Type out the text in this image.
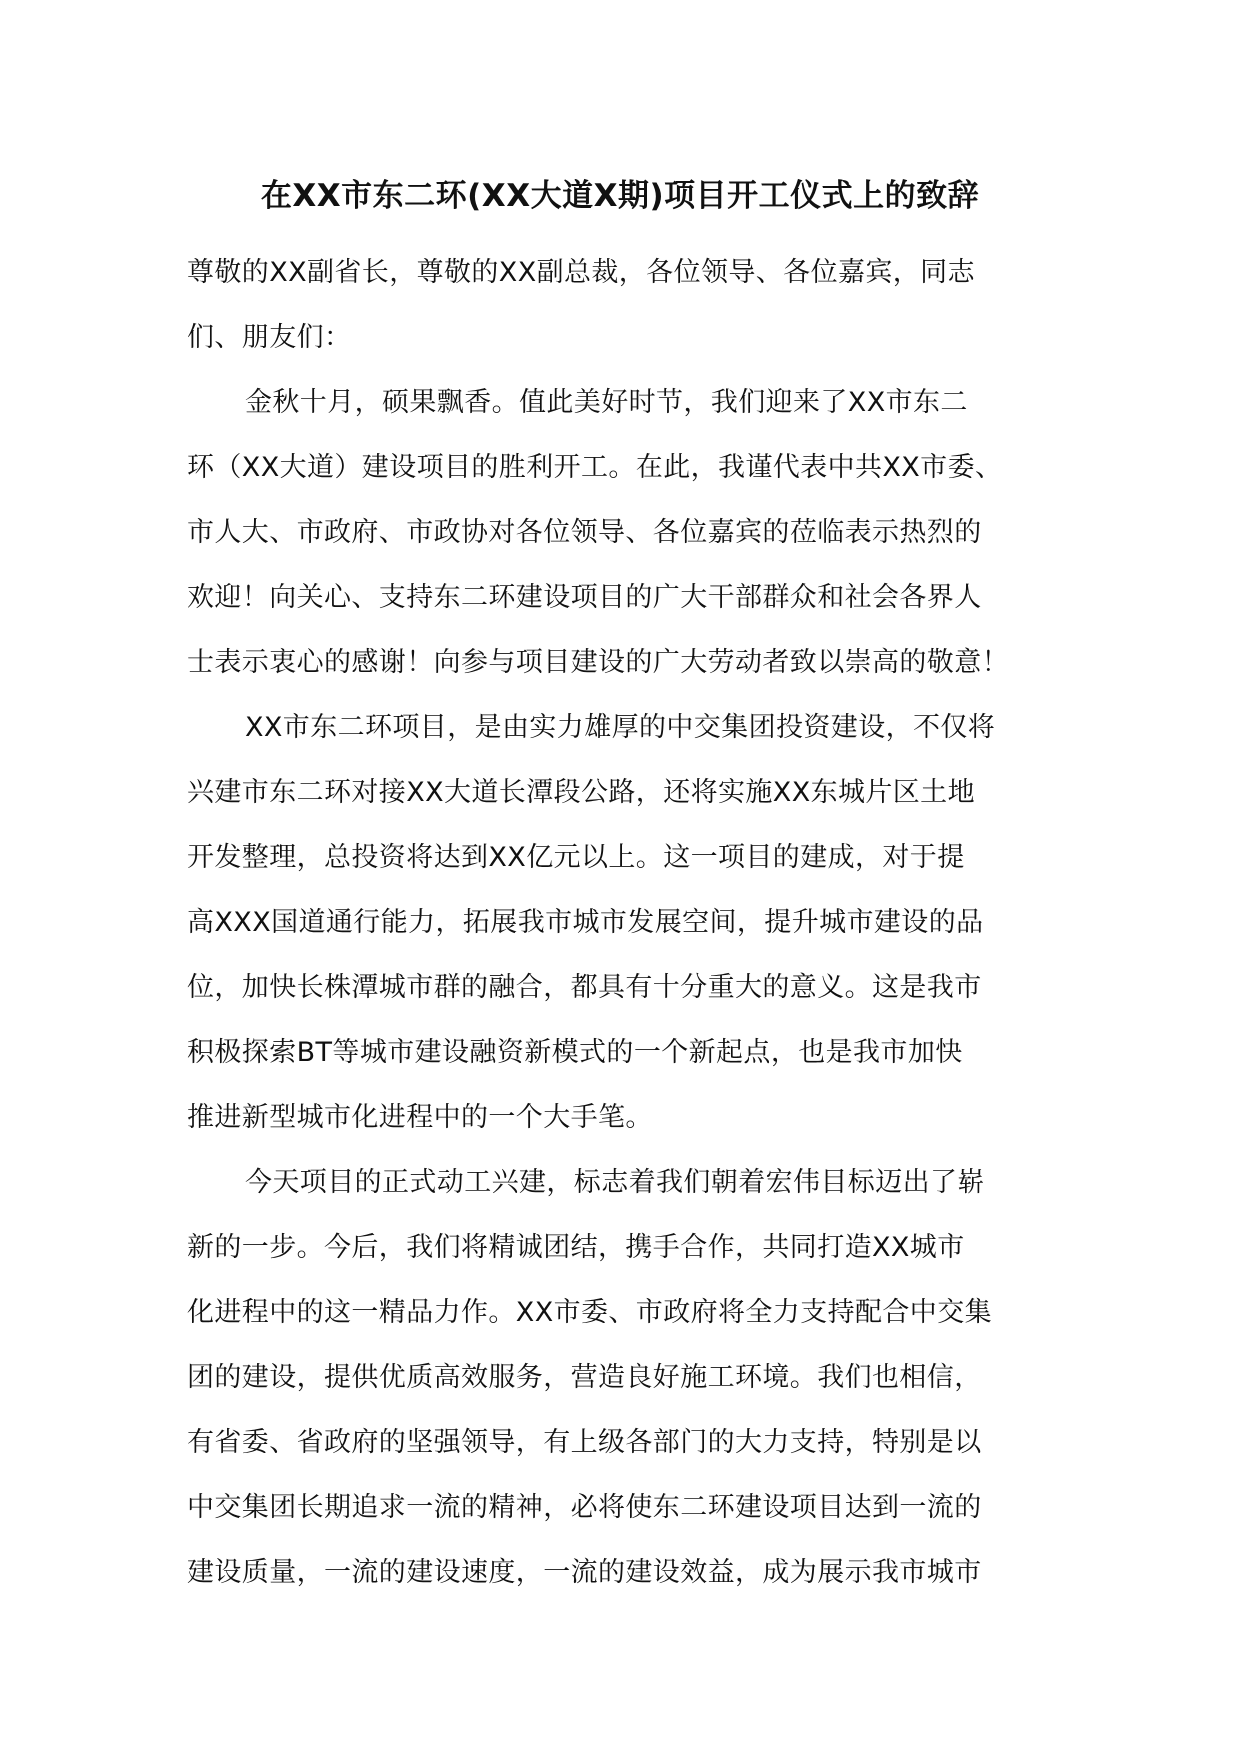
在XX市东二环(XX大道X期)项目开工仪式上的致辞
尊敬的XX副省长，尊敬的XX副总裁，各位领导、各位嘉宾，同志
们、朋友们：
金秋十月，硕果飘香。值此美好时节，我们迎来了XX市东二
环（XX大道）建设项目的胜利开工。在此，我谨代表中共XX市委、
市人大、市政府、市政协对各位领导、各位嘉宾的莅临表示热烈的
欢迎！向关心、支持东二环建设项目的广大干部群众和社会各界人
士表示衷心的感谢！向参与项目建设的广大劳动者致以崇高的敬意！
XX市东二环项目，是由实力雄厚的中交集团投资建设，不仅将
兴建市东二环对接XX大道长潭段公路，还将实施XX东城片区土地
开发整理，总投资将达到XX亿元以上。这一项目的建成，对于提
高XXX国道通行能力，拓展我市城市发展空间，提升城市建设的品
位，加快长株潭城市群的融合，都具有十分重大的意义。这是我市
积极探索BT等城市建设融资新模式的一个新起点，也是我市加快
推进新型城市化进程中的一个大手笔。
今天项目的正式动工兴建，标志着我们朝着宏伟目标迈出了崭
新的一步。今后，我们将精诚团结，携手合作，共同打造XX城市
化进程中的这一精品力作。XX市委、市政府将全力支持配合中交集
团的建设，提供优质高效服务，营造良好施工环境。我们也相信，
有省委、省政府的坚强领导，有上级各部门的大力支持，特别是以
中交集团长期追求一流的精神，必将使东二环建设项目达到一流的
建设质量，一流的建设速度，一流的建设效益，成为展示我市城市
